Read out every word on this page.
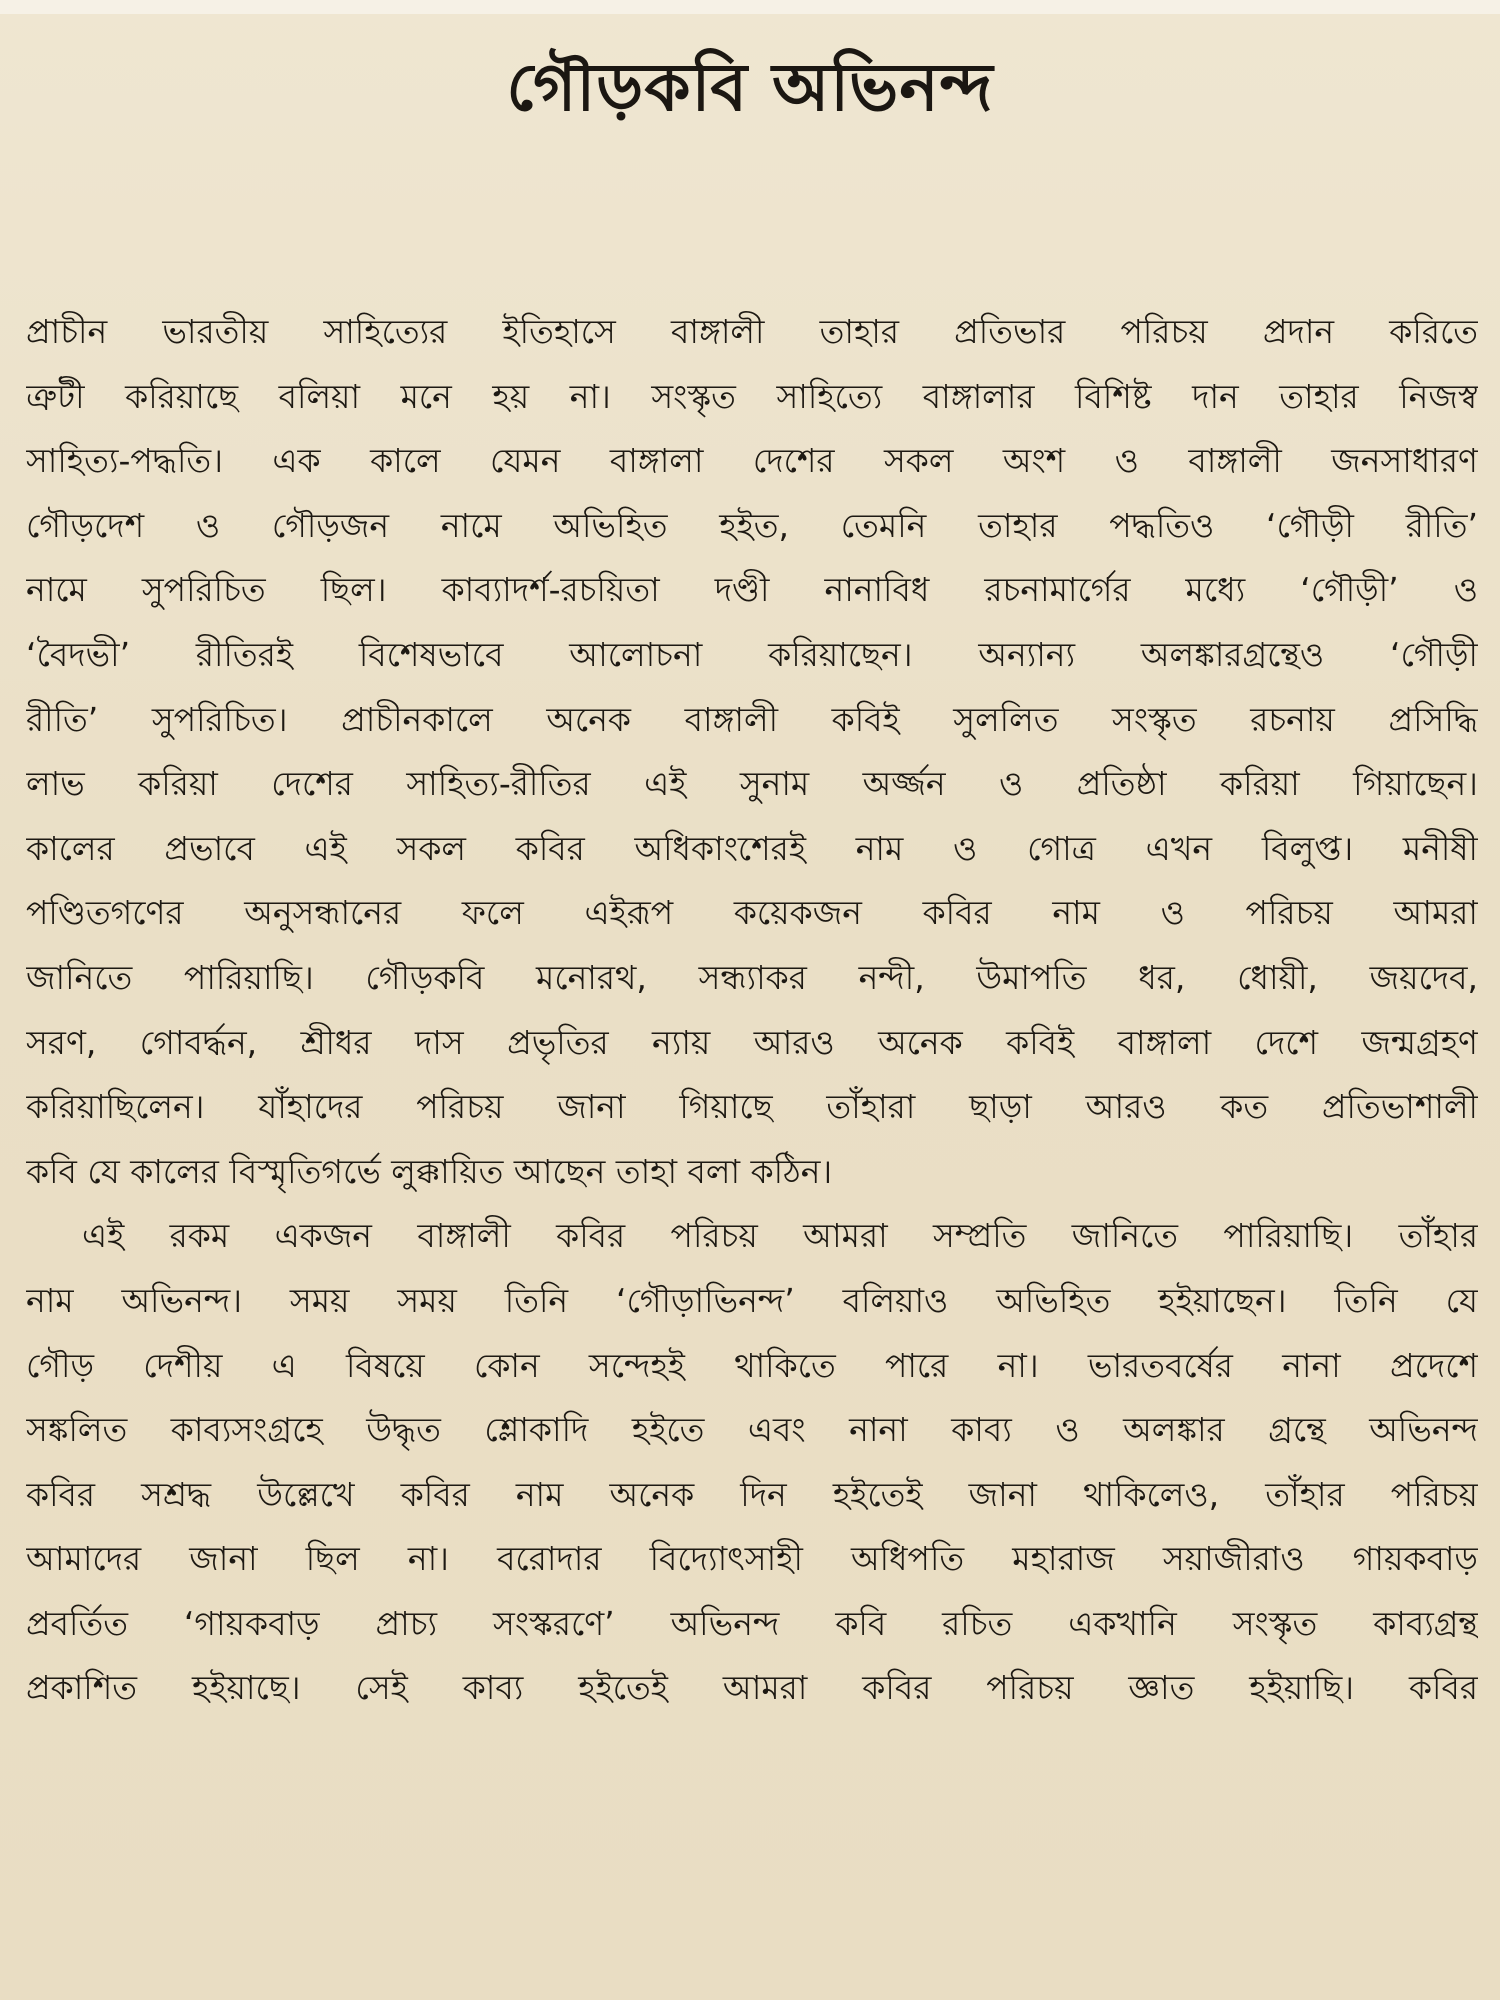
গৌড়কবি অভিনন্দ
প্রাচীন ভারতীয় সাহিত্যের ইতিহাসে বাঙ্গালী তাহার প্রতিভার পরিচয় প্রদান করিতে
ত্রুটী করিয়াছে বলিয়া মনে হয় না। সংস্কৃত সাহিত্যে বাঙ্গালার বিশিষ্ট দান তাহার নিজস্ব
সাহিত্য-পদ্ধতি। এক কালে যেমন বাঙ্গালা দেশের সকল অংশ ও বাঙ্গালী জনসাধারণ
গৌড়দেশ ও গৌড়জন নামে অভিহিত হইত, তেমনি তাহার পদ্ধতিও ‘গৌড়ী রীতি’
নামে সুপরিচিত ছিল। কাব্যাদর্শ-রচয়িতা দণ্ডী নানাবিধ রচনামার্গের মধ্যে ‘গৌড়ী’ ও
‘বৈদভী’ রীতিরই বিশেষভাবে আলোচনা করিয়াছেন। অন্যান্য অলঙ্কারগ্রন্থেও ‘গৌড়ী
রীতি’ সুপরিচিত। প্রাচীনকালে অনেক বাঙ্গালী কবিই সুললিত সংস্কৃত রচনায় প্রসিদ্ধি
লাভ করিয়া দেশের সাহিত্য-রীতির এই সুনাম অর্জ্জন ও প্রতিষ্ঠা করিয়া গিয়াছেন।
কালের প্রভাবে এই সকল কবির অধিকাংশেরই নাম ও গোত্র এখন বিলুপ্ত। মনীষী
পণ্ডিতগণের অনুসন্ধানের ফলে এইরূপ কয়েকজন কবির নাম ও পরিচয় আমরা
জানিতে পারিয়াছি। গৌড়কবি মনোরথ, সন্ধ্যাকর নন্দী, উমাপতি ধর, ধোয়ী, জয়দেব,
সরণ, গোবর্দ্ধন, শ্রীধর দাস প্রভৃতির ন্যায় আরও অনেক কবিই বাঙ্গালা দেশে জন্মগ্রহণ
করিয়াছিলেন। যাঁহাদের পরিচয় জানা গিয়াছে তাঁহারা ছাড়া আরও কত প্রতিভাশালী
কবি যে কালের বিস্মৃতিগর্ভে লুক্কায়িত আছেন তাহা বলা কঠিন।
এই রকম একজন বাঙ্গালী কবির পরিচয় আমরা সম্প্রতি জানিতে পারিয়াছি। তাঁহার
নাম অভিনন্দ। সময় সময় তিনি ‘গৌড়াভিনন্দ’ বলিয়াও অভিহিত হইয়াছেন। তিনি যে
গৌড় দেশীয় এ বিষয়ে কোন সন্দেহই থাকিতে পারে না। ভারতবর্ষের নানা প্রদেশে
সঙ্কলিত কাব্যসংগ্রহে উদ্ধৃত শ্লোকাদি হইতে এবং নানা কাব্য ও অলঙ্কার গ্রন্থে অভিনন্দ
কবির সশ্রদ্ধ উল্লেখে কবির নাম অনেক দিন হইতেই জানা থাকিলেও, তাঁহার পরিচয়
আমাদের জানা ছিল না। বরোদার বিদ্যোৎসাহী অধিপতি মহারাজ সয়াজীরাও গায়কবাড়
প্রবর্তিত ‘গায়কবাড় প্রাচ্য সংস্করণে’ অভিনন্দ কবি রচিত একখানি সংস্কৃত কাব্যগ্রন্থ
প্রকাশিত হইয়াছে। সেই কাব্য হইতেই আমরা কবির পরিচয় জ্ঞাত হইয়াছি। কবির
